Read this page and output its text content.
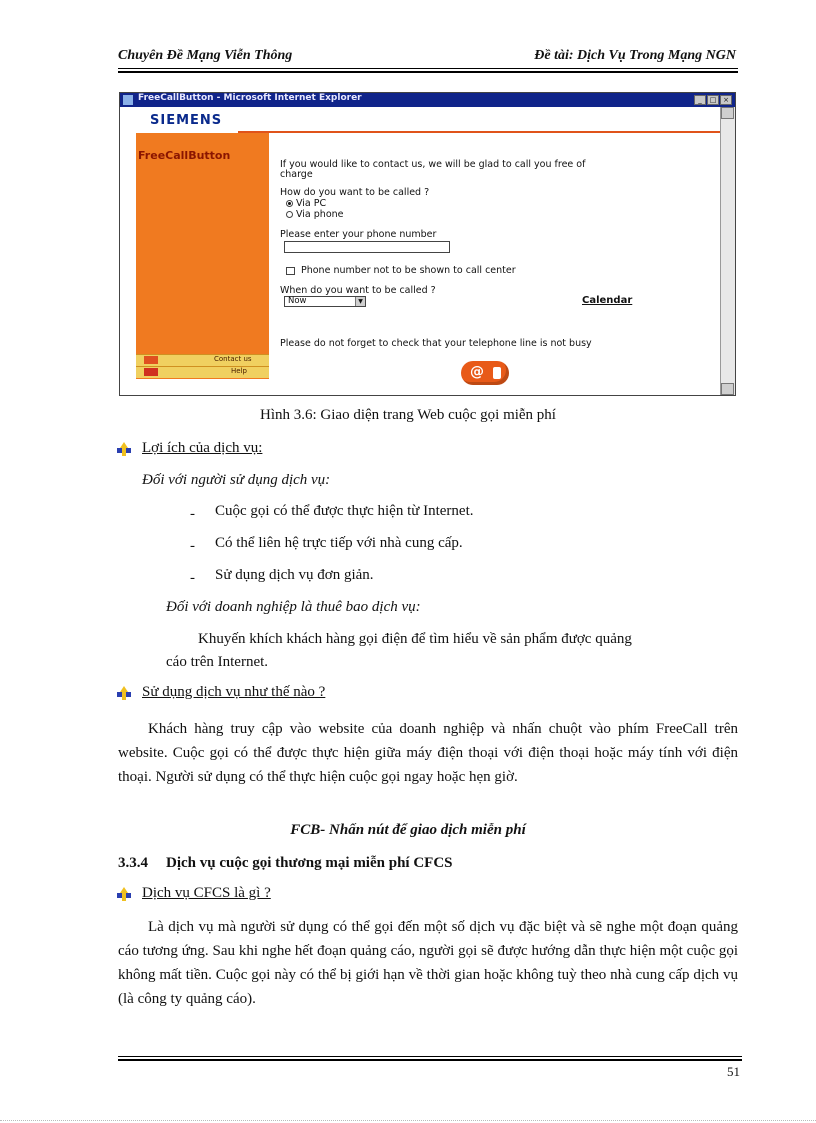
Chuyên Đề Mạng Viễn Thông	Đề tài: Dịch Vụ Trong Mạng NGN
FreeCallButton - Microsoft Internet Explorer	_	□ ×
SIEMENS
FreeCallButton
Contact us
Help
If you would like to contact us, we will be glad to call you free of
charge
How do you want to be called ?
Via PC
Via phone
Please enter your phone number
Phone number not to be shown to call center
When do you want to be called ?
Now	▼	Calendar
Please do not forget to check that your telephone line is not busy
@
Hình 3.6: Giao diện trang Web cuộc gọi miễn phí
Lợi ích của dịch vụ:
Đối với người sử dụng dịch vụ:
- Cuộc gọi có thể được thực hiện từ Internet.
- Có thể liên hệ trực tiếp với nhà cung cấp.
- Sử dụng dịch vụ đơn giản.
Đối với doanh nghiệp là thuê bao dịch vụ:
Khuyến khích khách hàng gọi điện để tìm hiểu về sản phẩm được quảng
cáo trên Internet.
Sử dụng dịch vụ như thế nào ?
Khách hàng truy cập vào website của doanh nghiệp và nhấn chuột vào phím FreeCall trên website. Cuộc gọi có thể được thực hiện giữa máy điện thoại với điện thoại hoặc máy tính với điện thoại. Người sử dụng có thể thực hiện cuộc gọi ngay hoặc hẹn giờ.
FCB- Nhấn nút để giao dịch miễn phí
3.3.4 Dịch vụ cuộc gọi thương mại miễn phí CFCS
Dịch vụ CFCS là gì ?
Là dịch vụ mà người sử dụng có thể gọi đến một số dịch vụ đặc biệt và sẽ nghe một đoạn quảng cáo tương ứng. Sau khi nghe hết đoạn quảng cáo, người gọi sẽ được hướng dẫn thực hiện một cuộc gọi không mất tiền. Cuộc gọi này có thể bị giới hạn về thời gian hoặc không tuỳ theo nhà cung cấp dịch vụ (là công ty quảng cáo).
51
